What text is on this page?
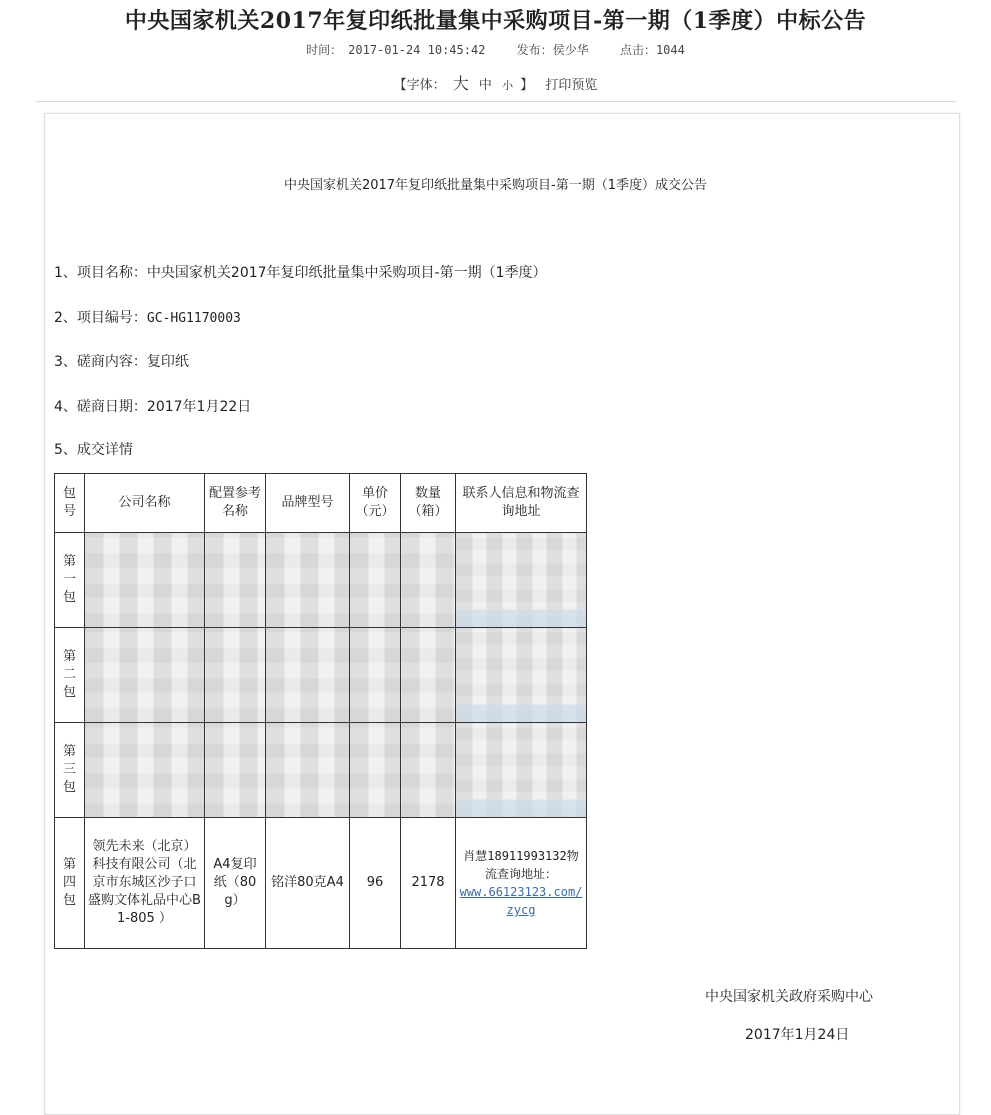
中央国家机关2017年复印纸批量集中采购项目-第一期（1季度）中标公告
时间： 2017-01-24 10:45:42	发布：侯少华	点击：1044
【字体： 大 中 小 】 打印预览
中央国家机关2017年复印纸批量集中采购项目-第一期（1季度）成交公告
1、项目名称：中央国家机关2017年复印纸批量集中采购项目-第一期（1季度）
2、项目编号：GC-HG1170003
3、磋商内容：复印纸
4、磋商日期：2017年1月22日
5、成交详情
包号	公司名称	配置参考名称	品牌型号	单价（元）	数量（箱）	联系人信息和物流查询地址
第一包						
第二包						
第三包						
第四包	领先未来（北京）科技有限公司（北京市东城区沙子口盛购文体礼品中心B1-805 ）	A4复印纸（80g）	铭洋80克A4	96	2178	肖慧18911993132物流查询地址：
www.66123123.com/zycg
中央国家机关政府采购中心
2017年1月24日
